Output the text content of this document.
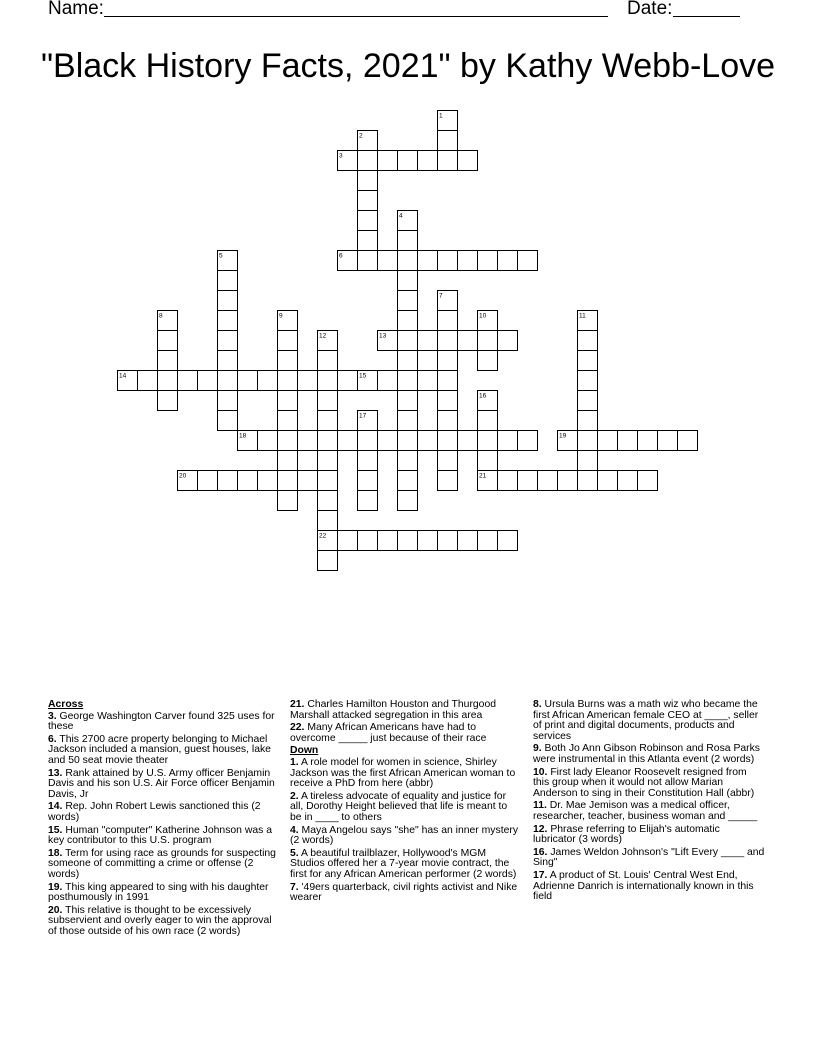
Name:	Date:
"Black History Facts, 2021" by Kathy Webb-Love
1
2
3
4
5	6
7
8	9	10	11
12	13
14	15
16
17
18	19
20	21
22
Across
3. George Washington Carver found 325 uses for these
6. This 2700 acre property belonging to Michael Jackson included a mansion, guest houses, lake and 50 seat movie theater
13. Rank attained by U.S. Army officer Benjamin Davis and his son U.S. Air Force officer Benjamin Davis, Jr
14. Rep. John Robert Lewis sanctioned this (2 words)
15. Human "computer" Katherine Johnson was a key contributor to this U.S. program
18. Term for using race as grounds for suspecting someone of committing a crime or offense (2 words)
19. This king appeared to sing with his daughter posthumously in 1991
20. This relative is thought to be excessively subservient and overly eager to win the approval of those outside of his own race (2 words)
21. Charles Hamilton Houston and Thurgood Marshall attacked segregation in this area
22. Many African Americans have had to overcome _____ just because of their race
Down
1. A role model for women in science, Shirley Jackson was the first African American woman to receive a PhD from here (abbr)
2. A tireless advocate of equality and justice for all, Dorothy Height believed that life is meant to be in ____ to others
4. Maya Angelou says "she" has an inner mystery (2 words)
5. A beautiful trailblazer, Hollywood's MGM Studios offered her a 7-year movie contract, the first for any African American performer (2 words)
7. '49ers quarterback, civil rights activist and Nike wearer
8. Ursula Burns was a math wiz who became the first African American female CEO at ____, seller of print and digital documents, products and services
9. Both Jo Ann Gibson Robinson and Rosa Parks were instrumental in this Atlanta event (2 words)
10. First lady Eleanor Roosevelt resigned from this group when it would not allow Marian Anderson to sing in their Constitution Hall (abbr)
11. Dr. Mae Jemison was a medical officer, researcher, teacher, business woman and _____
12. Phrase referring to Elijah's automatic lubricator (3 words)
16. James Weldon Johnson's "Lift Every ____ and Sing"
17. A product of St. Louis' Central West End, Adrienne Danrich is internationally known in this field
